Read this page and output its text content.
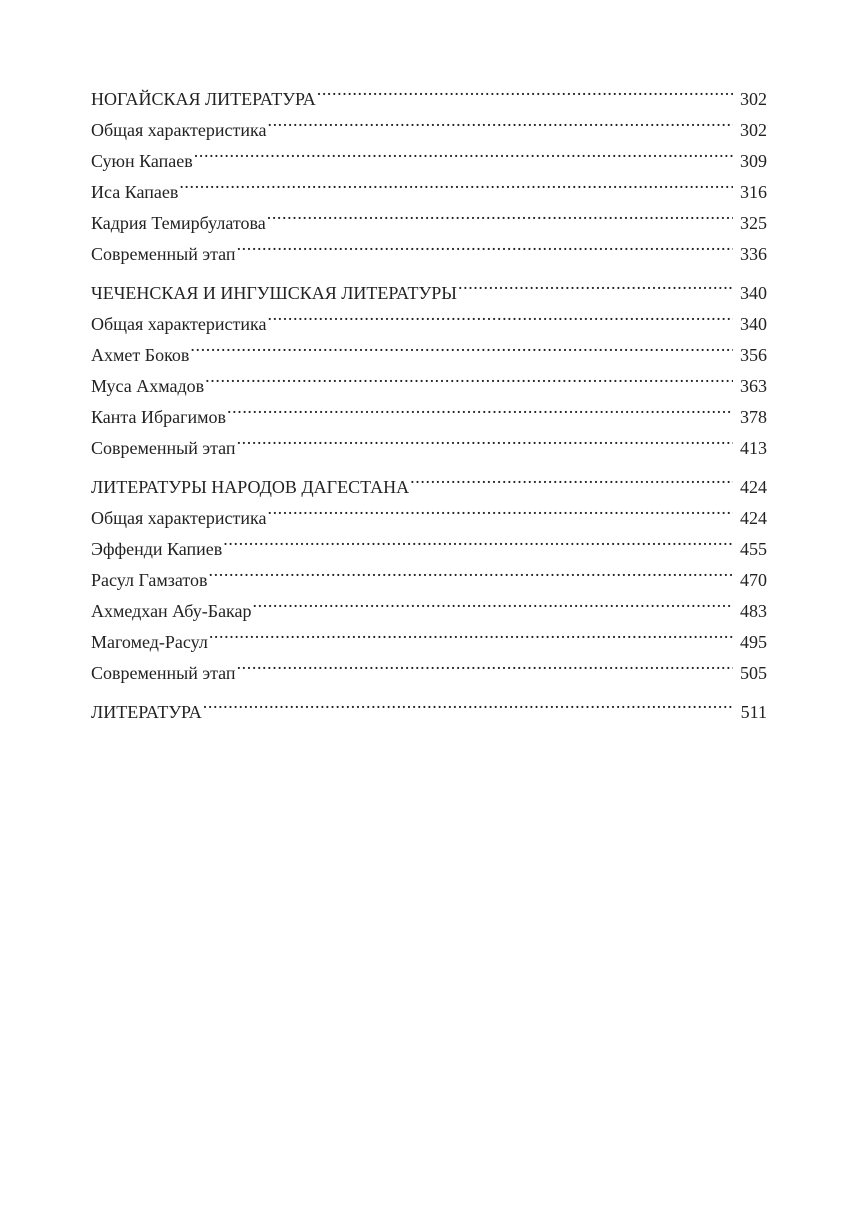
НОГАЙСКАЯ ЛИТЕРАТУРА .....	302
Общая характеристика .....	302
Суюн Капаев .....	309
Иса Капаев .....	316
Кадрия Темирбулатова .....	325
Современный этап .....	336
ЧЕЧЕНСКАЯ И ИНГУШСКАЯ ЛИТЕРАТУРЫ .....	340
Общая характеристика .....	340
Ахмет Боков .....	356
Муса Ахмадов .....	363
Канта Ибрагимов .....	378
Современный этап .....	413
ЛИТЕРАТУРЫ НАРОДОВ ДАГЕСТАНА .....	424
Общая характеристика .....	424
Эффенди Капиев .....	455
Расул Гамзатов .....	470
Ахмедхан Абу-Бакар .....	483
Магомед-Расул .....	495
Современный этап .....	505
ЛИТЕРАТУРА .....	511
